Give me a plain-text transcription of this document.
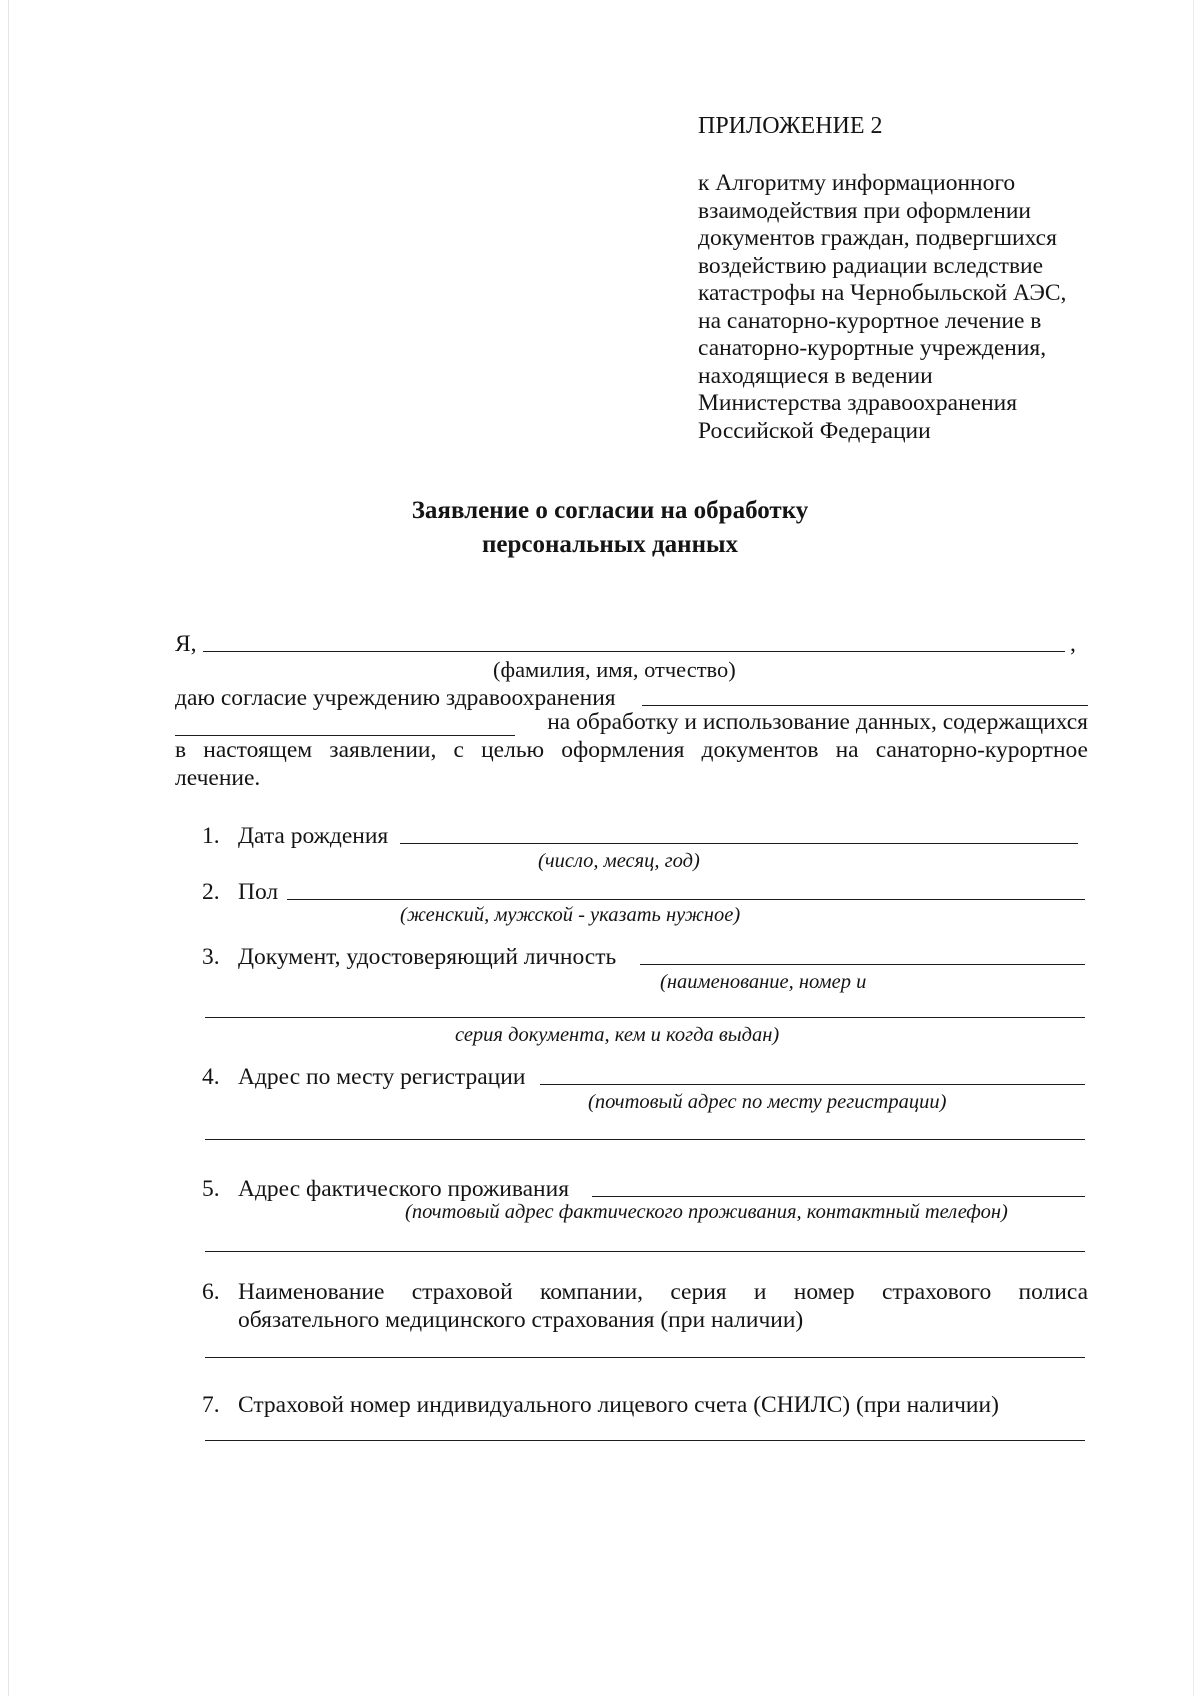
ПРИЛОЖЕНИЕ 2
к Алгоритму информационного
взаимодействия при оформлении
документов граждан, подвергшихся
воздействию радиации вследствие
катастрофы на Чернобыльской АЭС,
на санаторно-курортное лечение в
санаторно-курортные учреждения,
находящиеся в ведении
Министерства здравоохранения
Российской Федерации
Заявление о согласии на обработку
персональных данных
Я,	,
(фамилия, имя, отчество)
даю согласие учреждению здравоохранения
на обработку и использование данных, содержащихся
в настоящем заявлении, с целью оформления документов на санаторно-курортное
лечение.
1. Дата рождения
(число, месяц, год)
2. Пол
(женский, мужской - указать нужное)
3. Документ, удостоверяющий личность
(наименование, номер и
серия документа, кем и когда выдан)
4. Адрес по месту регистрации
(почтовый адрес по месту регистрации)
5. Адрес фактического проживания
(почтовый адрес фактического проживания, контактный телефон)
6. Наименование страховой компании, серия и номер страхового полиса
обязательного медицинского страхования (при наличии)
7. Страховой номер индивидуального лицевого счета (СНИЛС) (при наличии)
